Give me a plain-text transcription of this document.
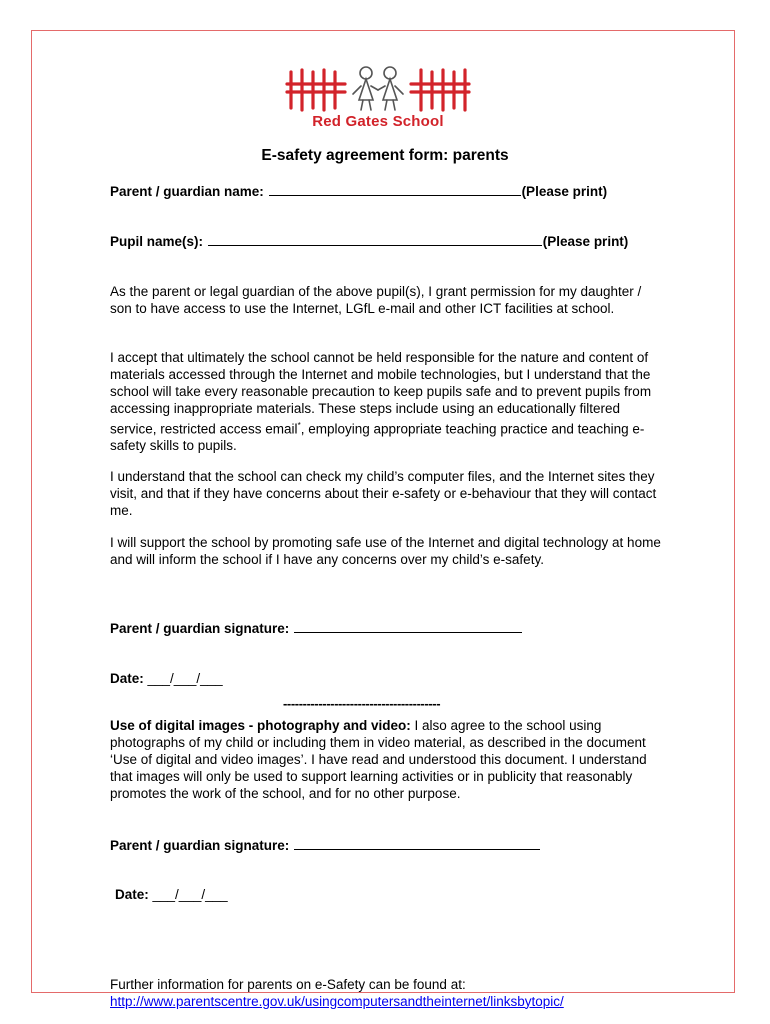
Red Gates School
E-safety agreement form: parents
Parent / guardian name:	(Please print)
Pupil name(s):	(Please print)
As the parent or legal guardian of the above pupil(s), I grant permission for my daughter / son to have access to use the Internet, LGfL e-mail and other ICT facilities at school.
I accept that ultimately the school cannot be held responsible for the nature and content of materials accessed through the Internet and mobile technologies, but I understand that the school will take every reasonable precaution to keep pupils safe and to prevent pupils from accessing inappropriate materials. These steps include using an educationally filtered service, restricted access email*, employing appropriate teaching practice and teaching e-safety skills to pupils.
I understand that the school can check my child’s computer files, and the Internet sites they visit, and that if they have concerns about their e-safety or e-behaviour that they will contact me.
I will support the school by promoting safe use of the Internet and digital technology at home and will inform the school if I have any concerns over my child’s e-safety.
Parent / guardian signature:
Date: ___/___/___
----------------------------------------
Use of digital images - photography and video: I also agree to the school using photographs of my child or including them in video material, as described in the document ‘Use of digital and video images’. I have read and understood this document. I understand that images will only be used to support learning activities or in publicity that reasonably promotes the work of the school, and for no other purpose.
Parent / guardian signature:
Date: ___/___/___
Further information for parents on e-Safety can be found at:
http://www.parentscentre.gov.uk/usingcomputersandtheinternet/linksbytopic/
